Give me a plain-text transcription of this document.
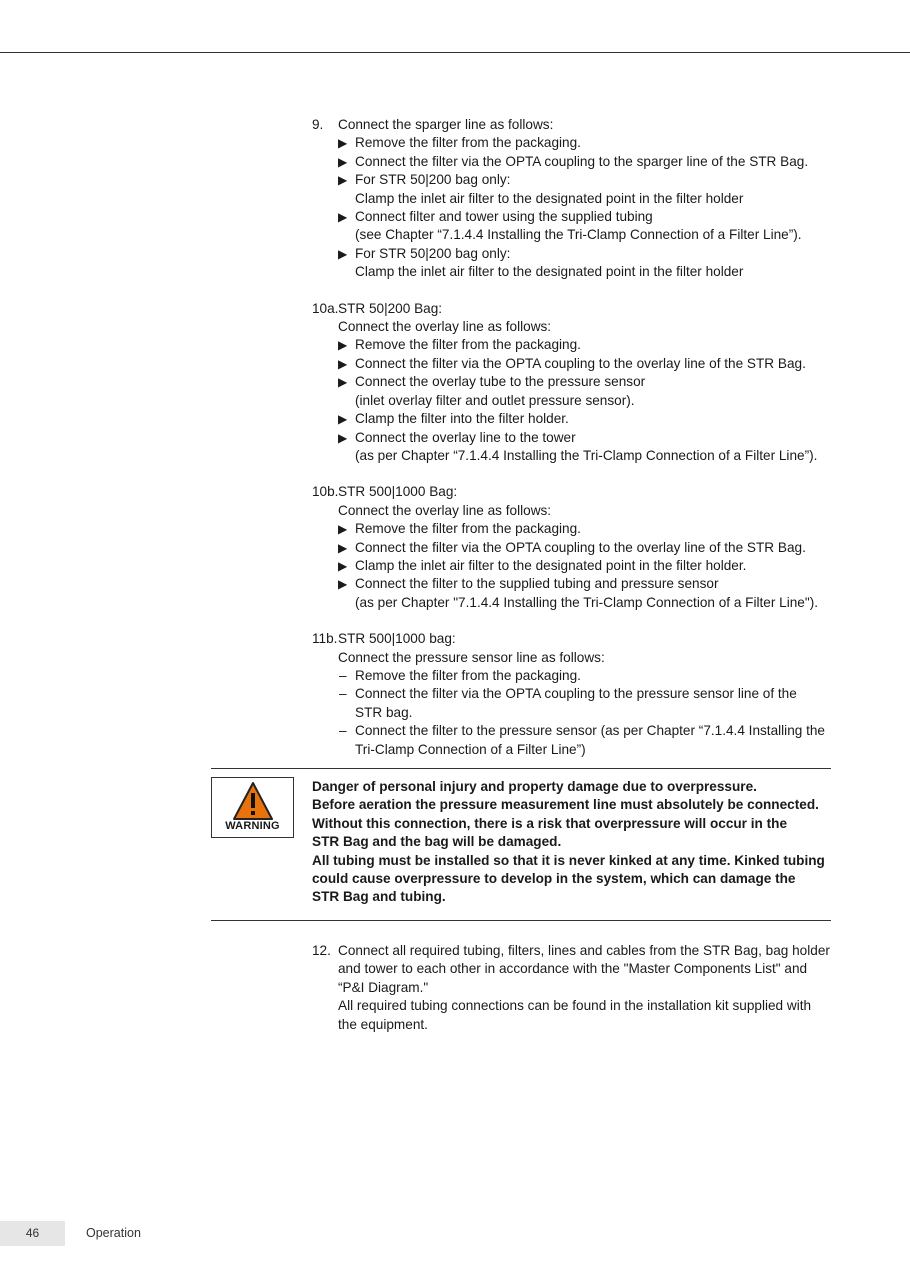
9.	Connect the sparger line as follows:
▶ Remove the filter from the packaging.
▶ Connect the filter via the OPTA coupling to the sparger line of the STR Bag.
▶ For STR 50|200 bag only:
Clamp the inlet air filter to the designated point in the filter holder
▶ Connect filter and tower using the supplied tubing
(see Chapter “7.1.4.4 Installing the Tri-Clamp Connection of a Filter Line”).
▶ For STR 50|200 bag only:
Clamp the inlet air filter to the designated point in the filter holder
10a. STR 50|200 Bag:
Connect the overlay line as follows:
▶ Remove the filter from the packaging.
▶ Connect the filter via the OPTA coupling to the overlay line of the STR Bag.
▶ Connect the overlay tube to the pressure sensor
(inlet overlay filter and outlet pressure sensor).
▶ Clamp the filter into the filter holder.
▶ Connect the overlay line to the tower
(as per Chapter “7.1.4.4 Installing the Tri-Clamp Connection of a Filter Line”).
10b. STR 500|1000 Bag:
Connect the overlay line as follows:
▶ Remove the filter from the packaging.
▶ Connect the filter via the OPTA coupling to the overlay line of the STR Bag.
▶ Clamp the inlet air filter to the designated point in the filter holder.
▶ Connect the filter to the supplied tubing and pressure sensor
(as per Chapter "7.1.4.4 Installing the Tri-Clamp Connection of a Filter Line").
11b. STR 500|1000 bag:
Connect the pressure sensor line as follows:
– Remove the filter from the packaging.
– Connect the filter via the OPTA coupling to the pressure sensor line of the
STR bag.
– Connect the filter to the pressure sensor (as per Chapter “7.1.4.4 Installing the
Tri-Clamp Connection of a Filter Line”)
WARNING
Danger of personal injury and property damage due to overpressure.
Before aeration the pressure measurement line must absolutely be connected.
Without this connection, there is a risk that overpressure will occur in the
STR Bag and the bag will be damaged.
All tubing must be installed so that it is never kinked at any time. Kinked tubing
could cause overpressure to develop in the system, which can damage the
STR Bag and tubing.
12. Connect all required tubing, filters, lines and cables from the STR Bag, bag holder
and tower to each other in accordance with the "Master Components List" and
“P&I Diagram."
All required tubing connections can be found in the installation kit supplied with
the equipment.
46	Operation
